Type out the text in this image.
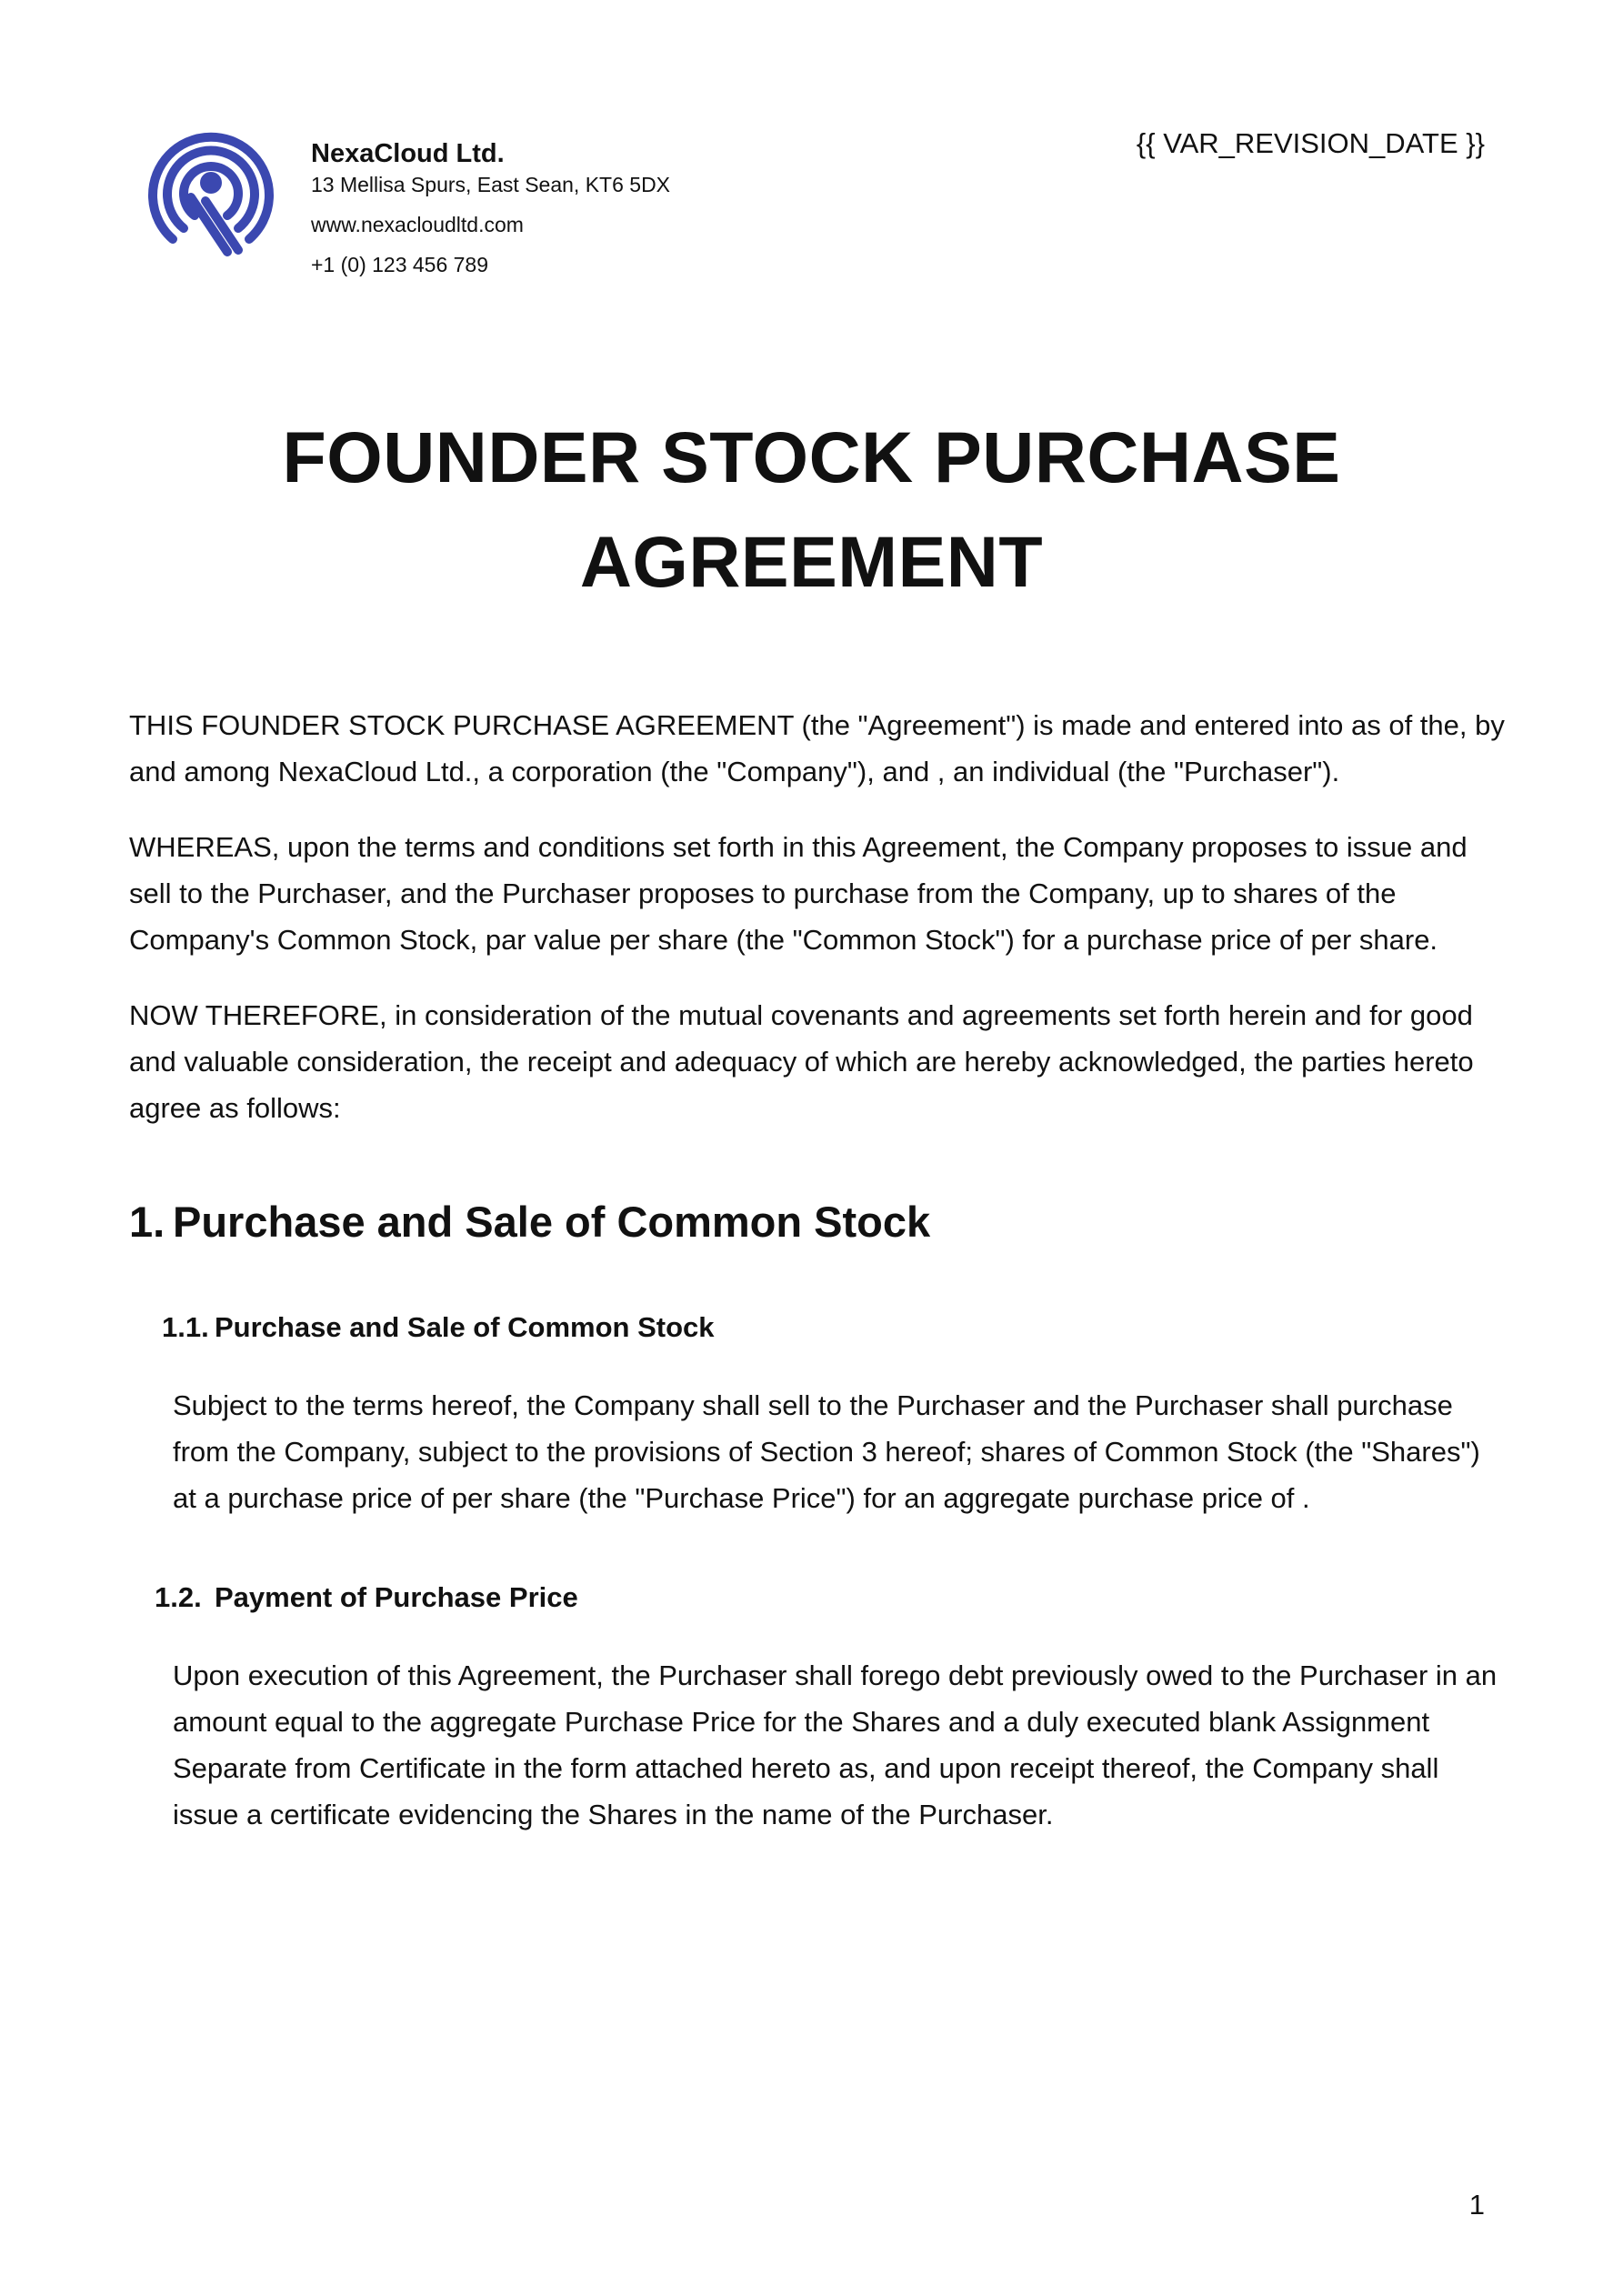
NexaCloud Ltd.

13 Mellisa Spurs, East Sean, KT6 5DX

www.nexacloudltd.com

+1 (0) 123 456 789

{{ VAR_REVISION_DATE }}
FOUNDER STOCK PURCHASE
AGREEMENT

THIS FOUNDER STOCK PURCHASE AGREEMENT (the "Agreement") is made and entered into as of the, by and among NexaCloud Ltd., a corporation (the "Company"), and , an individual (the "Purchaser").

WHEREAS, upon the terms and conditions set forth in this Agreement, the Company proposes to issue and sell to the Purchaser, and the Purchaser proposes to purchase from the Company, up to shares of the Company's Common Stock, par value per share (the "Common Stock") for a purchase price of per share.

NOW THEREFORE, in consideration of the mutual covenants and agreements set forth herein and for good and valuable consideration, the receipt and adequacy of which are hereby acknowledged, the parties hereto agree as follows:

1. Purchase and Sale of Common Stock
1.1. Purchase and Sale of Common Stock

Subject to the terms hereof, the Company shall sell to the Purchaser and the Purchaser shall purchase from the Company, subject to the provisions of Section 3 hereof; shares of Common Stock (the "Shares") at a purchase price of per share (the "Purchase Price") for an aggregate purchase price of .

1.2. Payment of Purchase Price

Upon execution of this Agreement, the Purchaser shall forego debt previously owed to the Purchaser in an amount equal to the aggregate Purchase Price for the Shares and a duly executed blank Assignment Separate from Certificate in the form attached hereto as, and upon receipt thereof, the Company shall issue a certificate evidencing the Shares in the name of the Purchaser.

1
